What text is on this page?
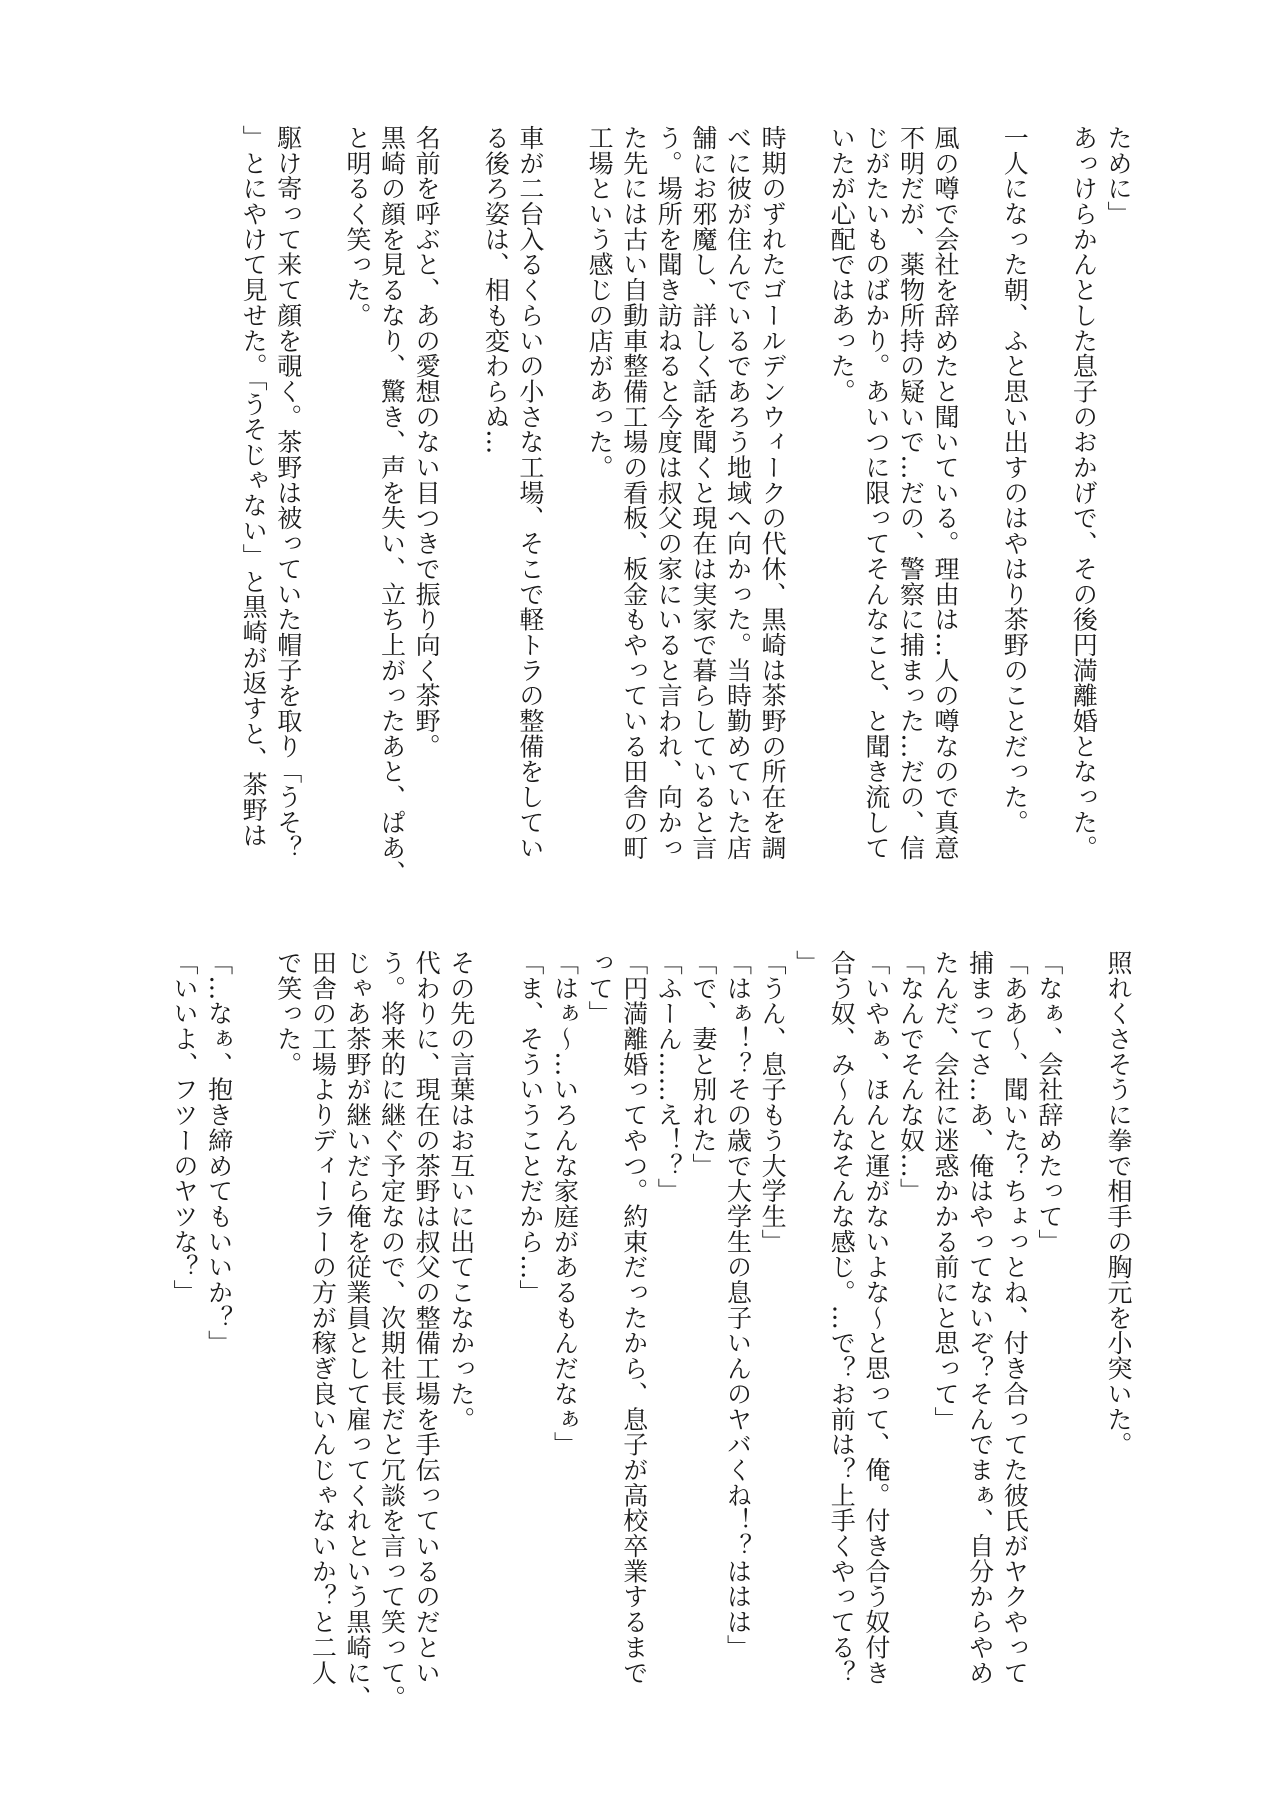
ために」
あっけらかんとした息子のおかげで、その後円満離婚となった。
一人になった朝、ふと思い出すのはやはり茶野のことだった。
風の噂で会社を辞めたと聞いている。理由は…人の噂なので真意
不明だが、薬物所持の疑いで…だの、警察に捕まった…だの、信
じがたいものばかり。あいつに限ってそんなこと、と聞き流して
いたが心配ではあった。
時期のずれたゴールデンウィークの代休、黒崎は茶野の所在を調
べに彼が住んでいるであろう地域へ向かった。当時勤めていた店
舗にお邪魔し、詳しく話を聞くと現在は実家で暮らしていると言
う。場所を聞き訪ねると今度は叔父の家にいると言われ、向かっ
た先には古い自動車整備工場の看板、板金もやっている田舎の町
工場という感じの店があった。
車が二台入るくらいの小さな工場、そこで軽トラの整備をしてい
る後ろ姿は、相も変わらぬ…
名前を呼ぶと、あの愛想のない目つきで振り向く茶野。
黒崎の顔を見るなり、驚き、声を失い、立ち上がったあと、ぱあ、
と明るく笑った。
駆け寄って来て顔を覗く。茶野は被っていた帽子を取り「うそ？
」とにやけて見せた。「うそじゃない」と黒崎が返すと、茶野は
照れくさそうに拳で相手の胸元を小突いた。
「なぁ、会社辞めたって」
「ああ〜、聞いた？ちょっとね、付き合ってた彼氏がヤクやって
捕まってさ…あ、俺はやってないぞ？そんでまぁ、自分からやめ
たんだ、会社に迷惑かかる前にと思って」
「なんでそんな奴…」
「いやぁ、ほんと運がないよな〜と思って、俺。付き合う奴付き
合う奴、み〜んなそんな感じ。…で？お前は？上手くやってる？
」
「うん、息子もう大学生」
「はぁ！？その歳で大学生の息子いんのヤバくね！？ははは」
「で、妻と別れた」
「ふーん……え！？」
「円満離婚ってやつ。約束だったから、息子が高校卒業するまで
って」
「はぁ〜…いろんな家庭があるもんだなぁ」
「ま、そういうことだから…」
その先の言葉はお互いに出てこなかった。
代わりに、現在の茶野は叔父の整備工場を手伝っているのだとい
う。将来的に継ぐ予定なので、次期社長だと冗談を言って笑って。
じゃあ茶野が継いだら俺を従業員として雇ってくれという黒崎に、
田舎の工場よりディーラーの方が稼ぎ良いんじゃないか？と二人
で笑った。
「…なぁ、抱き締めてもいいか？」
「いいよ、フツーのヤツな？」
